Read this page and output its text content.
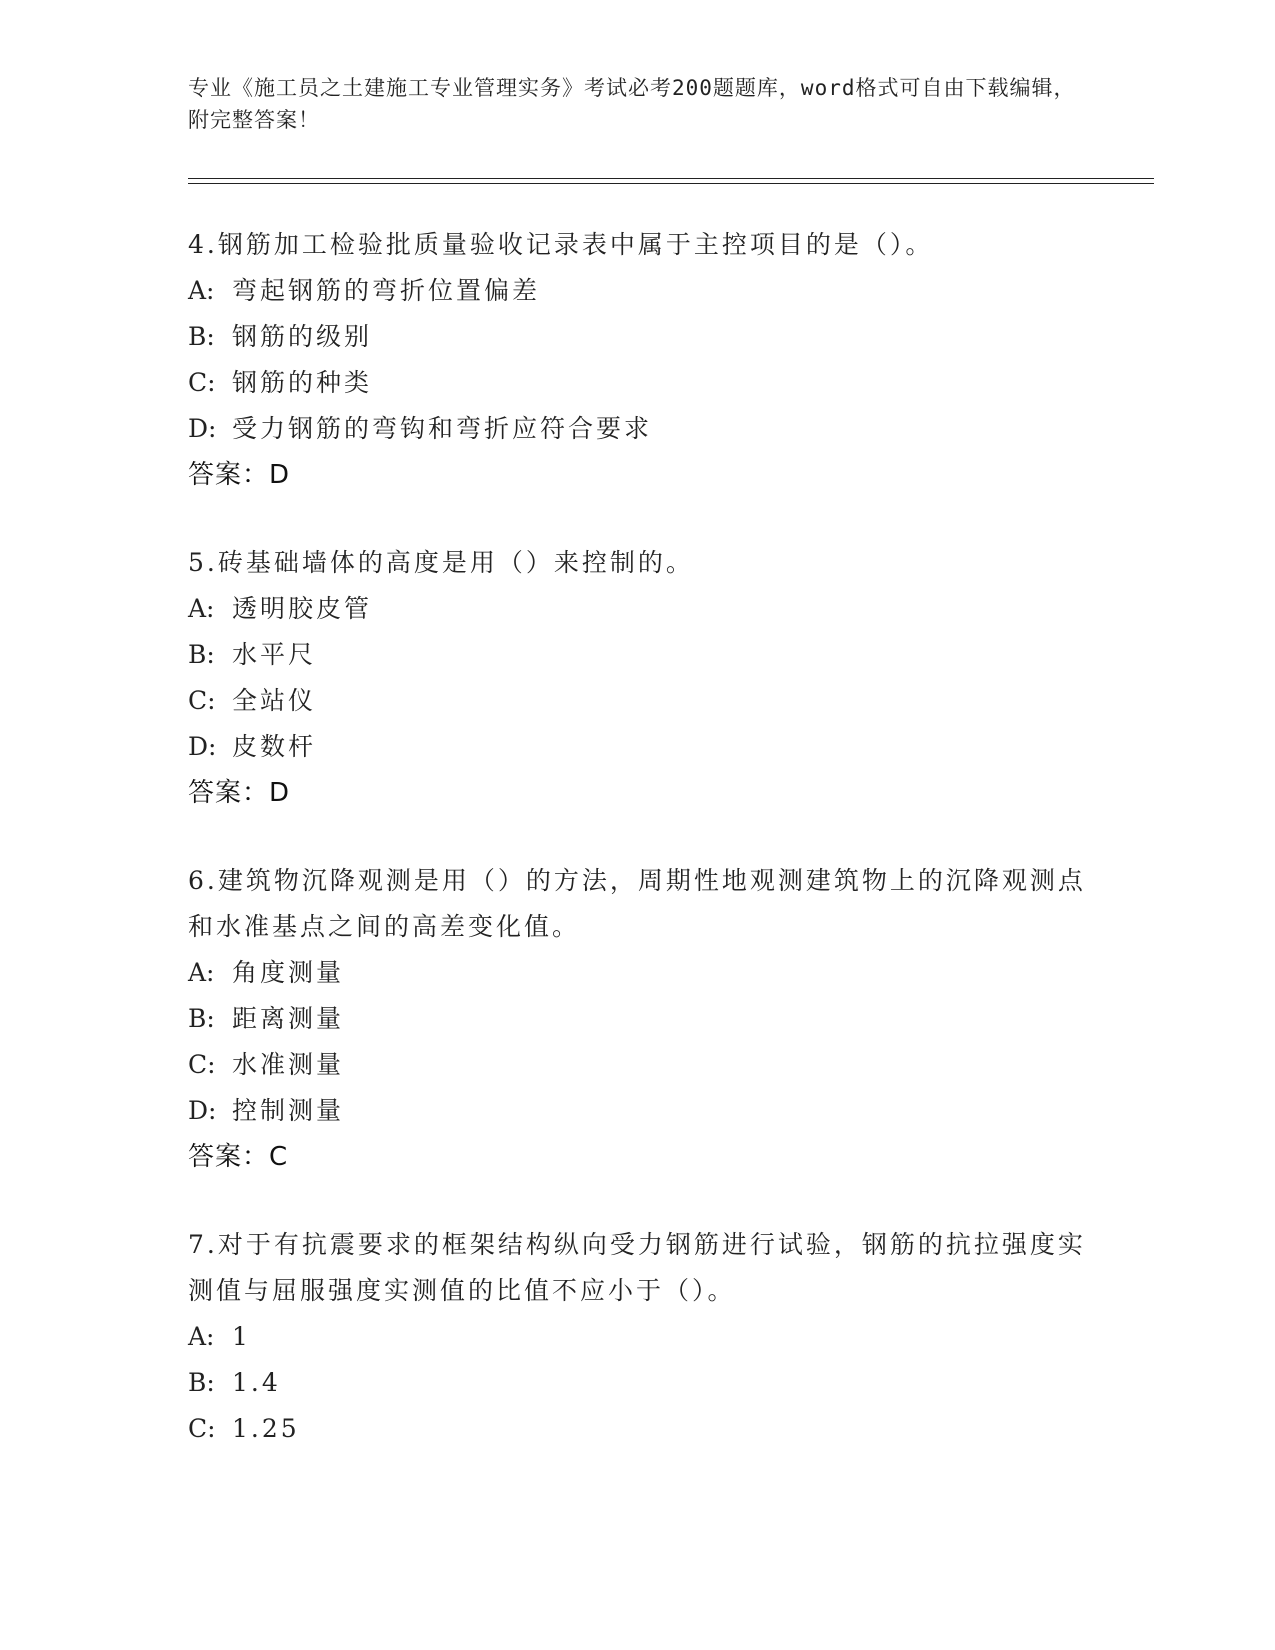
专业《施工员之土建施工专业管理实务》考试必考200题题库，word格式可自由下载编辑，附完整答案！
4.钢筋加工检验批质量验收记录表中属于主控项目的是（）。
A: 弯起钢筋的弯折位置偏差
B: 钢筋的级别
C: 钢筋的种类
D: 受力钢筋的弯钩和弯折应符合要求
答案：D
5.砖基础墙体的高度是用（）来控制的。
A: 透明胶皮管
B: 水平尺
C: 全站仪
D: 皮数杆
答案：D
6.建筑物沉降观测是用（）的方法，周期性地观测建筑物上的沉降观测点和水准基点之间的高差变化值。
A: 角度测量
B: 距离测量
C: 水准测量
D: 控制测量
答案：C
7.对于有抗震要求的框架结构纵向受力钢筋进行试验，钢筋的抗拉强度实测值与屈服强度实测值的比值不应小于（）。
A: 1
B: 1.4
C: 1.25
